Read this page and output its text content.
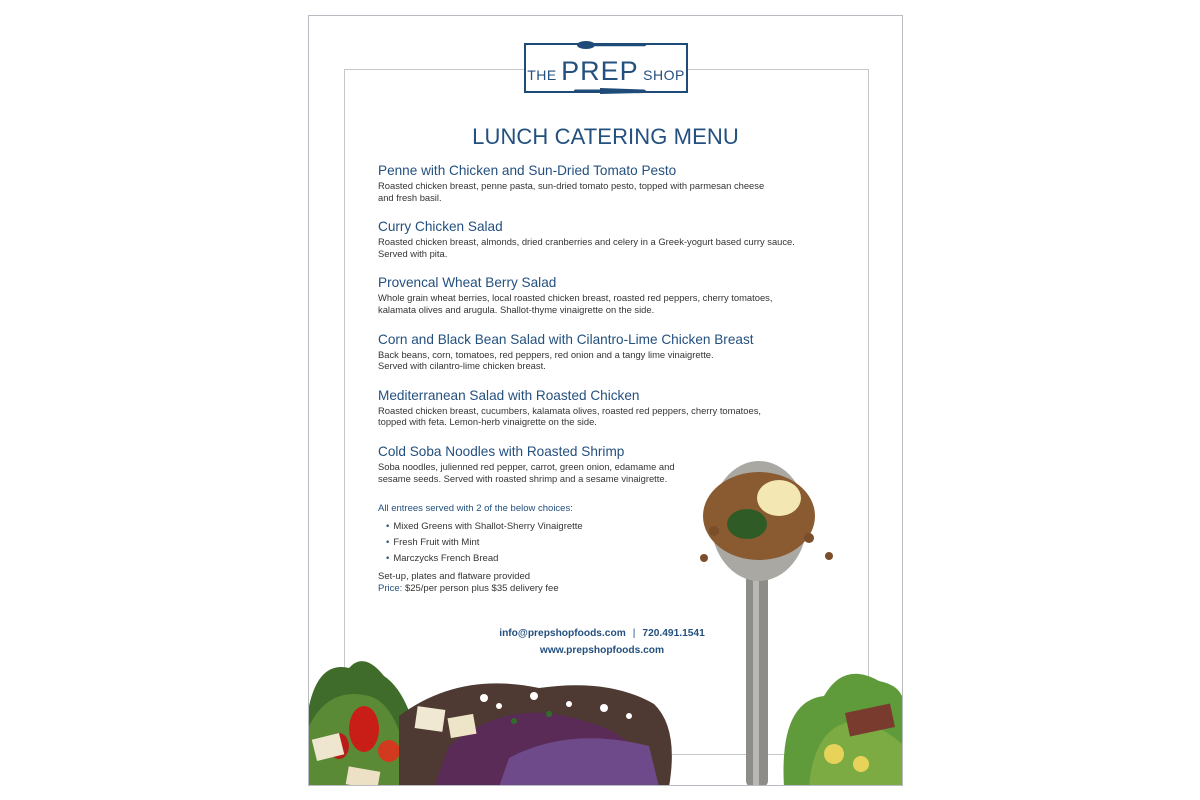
THE PREP SHOP
LUNCH CATERING MENU

Penne with Chicken and Sun-Dried Tomato Pesto

Roasted chicken breast, penne pasta, sun-dried tomato pesto, topped with parmesan cheese
and fresh basil.

Curry Chicken Salad

Roasted chicken breast, almonds, dried cranberries and celery in a Greek-yogurt based curry sauce.
Served with pita.

Provencal Wheat Berry Salad

Whole grain wheat berries, local roasted chicken breast, roasted red peppers, cherry tomatoes,
kalamata olives and arugula. Shallot-thyme vinaigrette on the side.

Corn and Black Bean Salad with Cilantro-Lime Chicken Breast

Back beans, corn, tomatoes, red peppers, red onion and a tangy lime vinaigrette.
Served with cilantro-lime chicken breast.

Mediterranean Salad with Roasted Chicken

Roasted chicken breast, cucumbers, kalamata olives, roasted red peppers, cherry tomatoes,
topped with feta. Lemon-herb vinaigrette on the side.

Cold Soba Noodles with Roasted Shrimp

Soba noodles, julienned red pepper, carrot, green onion, edamame and
sesame seeds. Served with roasted shrimp and a sesame vinaigrette.

All entrees served with 2 of the below choices:
• Mixed Greens with Shallot-Sherry Vinaigrette
• Fresh Fruit with Mint
• Marczycks French Bread
Set-up, plates and flatware provided
Price: $25/per person plus $35 delivery fee
info@prepshopfoods.com | 720.491.1541
www.prepshopfoods.com
